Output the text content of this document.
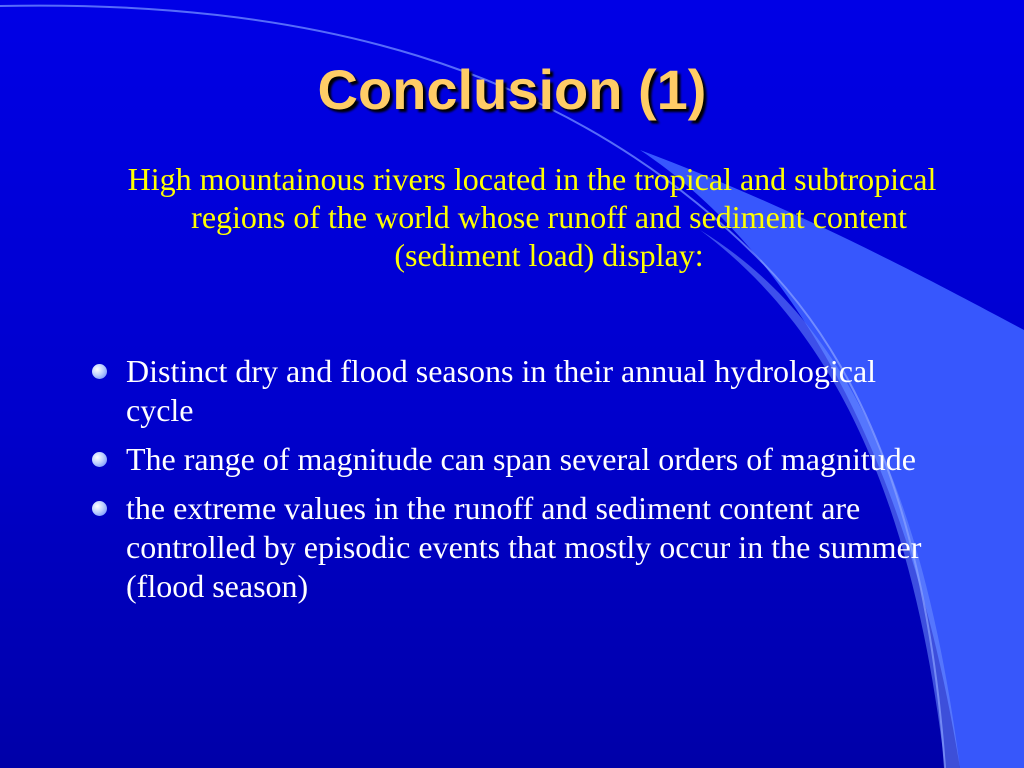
Conclusion (1)

High mountainous rivers located in the tropical and subtropical regions of the world whose runoff and sediment content (sediment load) display:

Distinct dry and flood seasons in their annual hydrological cycle
The range of magnitude can span several orders of magnitude
the extreme values in the runoff and sediment content are controlled by episodic events that mostly occur in the summer (flood season)
